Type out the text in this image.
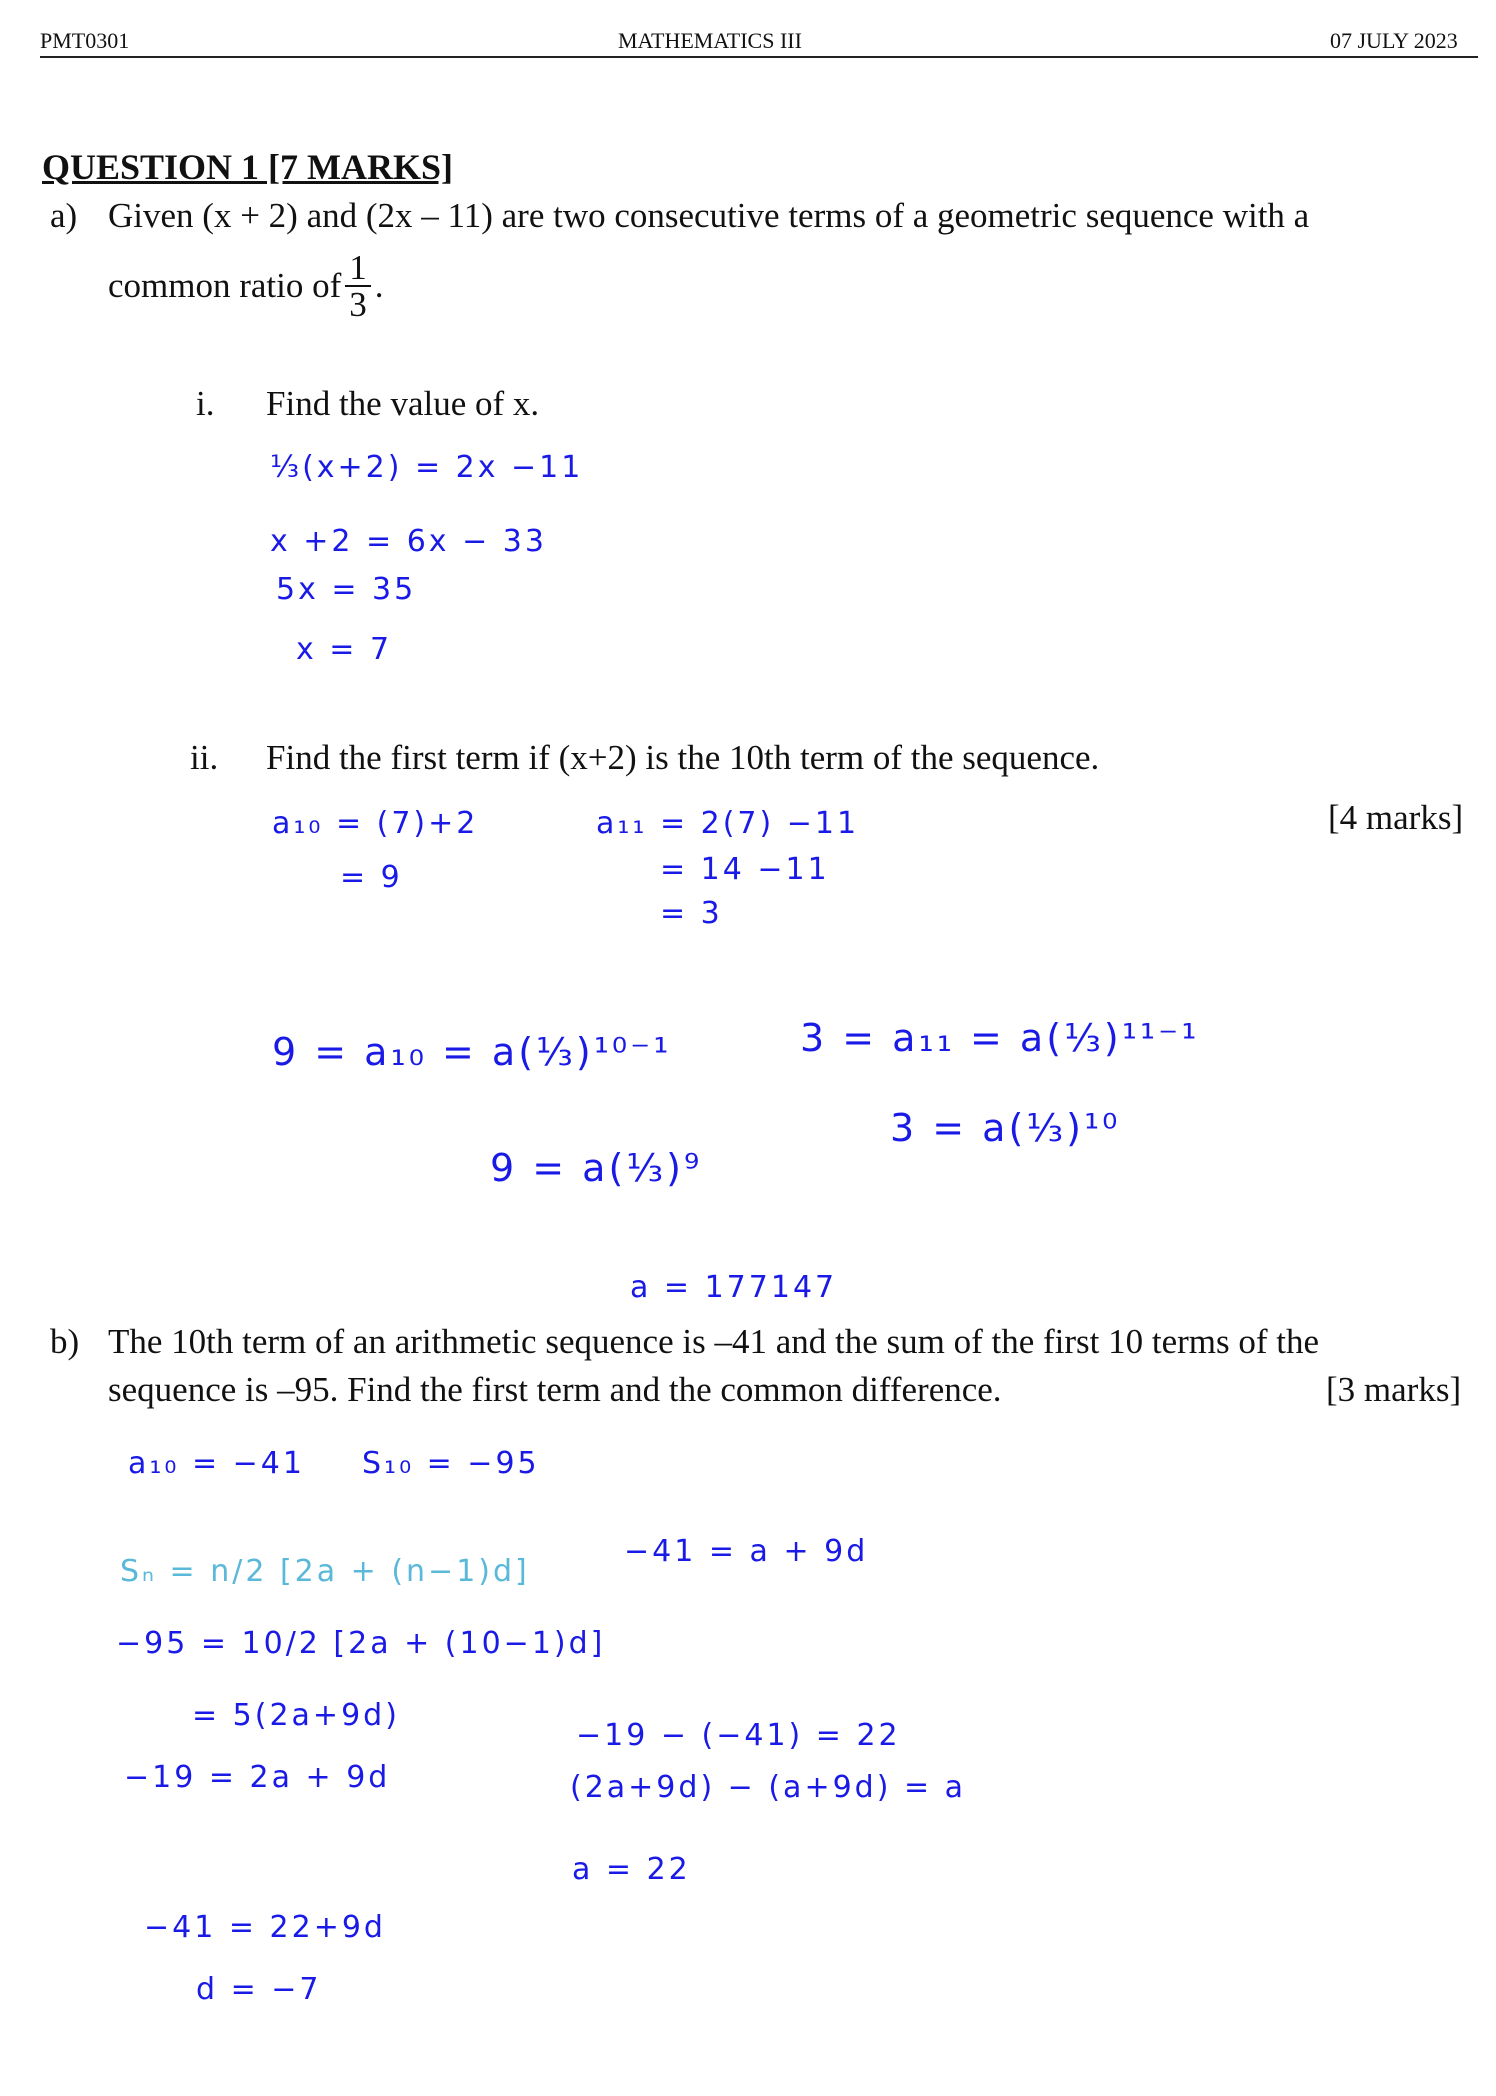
PMT0301	MATHEMATICS III	07 JULY 2023
QUESTION 1 [7 MARKS]
a) Given (x + 2) and (2x – 11) are two consecutive terms of a geometric sequence with a
common ratio of $\frac{1}{3}$ .
i. Find the value of x.
⅓(x+2) = 2x −11
x +2 = 6x − 33
5x = 35
x = 7
ii. Find the first term if (x+2) is the 10th term of the sequence.
[4 marks]
a₁₀ = (7)+2
= 9
a₁₁ = 2(7) −11
= 14 −11
= 3
9 = a₁₀ = a(⅓)¹⁰⁻¹	3 = a₁₁ = a(⅓)¹¹⁻¹
9 = a(⅓)⁹
3 = a(⅓)¹⁰
a = 177147
b) The 10th term of an arithmetic sequence is –41 and the sum of the first 10 terms of the
sequence is –95. Find the first term and the common difference.	[3 marks]
a₁₀ = −41 S₁₀ = −95
Sₙ = n/2 [2a + (n−1)d]
−95 = 10/2 [2a + (10−1)d]
= 5(2a+9d)
−19 = 2a + 9d
−41 = a + 9d
−19 − (−41) = 22
(2a+9d) − (a+9d) = a
a = 22
−41 = 22+9d
d = −7
